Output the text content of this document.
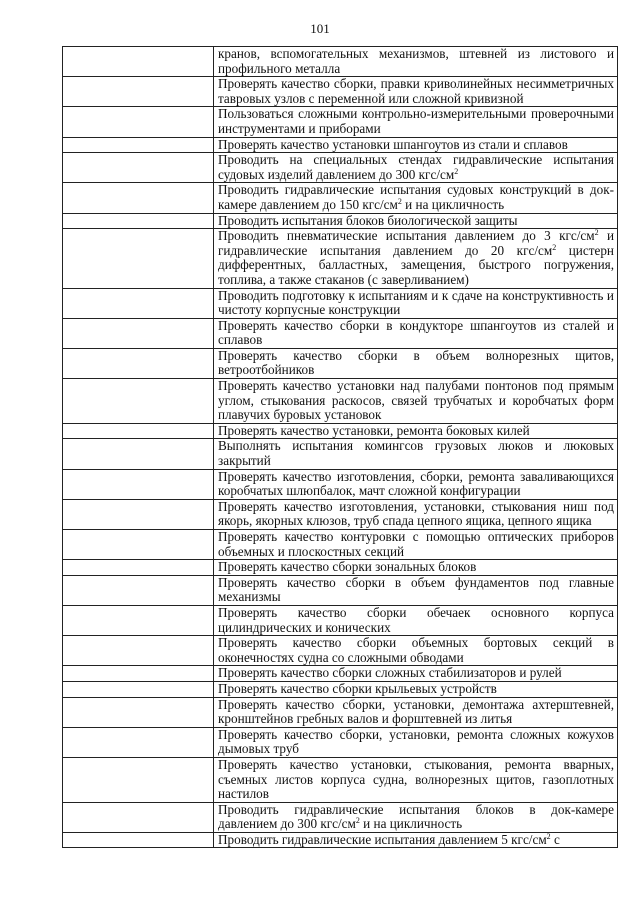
101
	кранов, вспомогательных механизмов, штевней из листового и профильного металла
	Проверять качество сборки, правки криволинейных несимметричных тавровых узлов с переменной или сложной кривизной
	Пользоваться сложными контрольно-измерительными проверочными инструментами и приборами
	Проверять качество установки шпангоутов из стали и сплавов
	Проводить на специальных стендах гидравлические испытания судовых изделий давлением до 300 кгс/$см^2$
	Проводить гидравлические испытания судовых конструкций в док-камере давлением до 150 кгс/$см^2$ и на цикличность
	Проводить испытания блоков биологической защиты
	Проводить пневматические испытания давлением до 3 кгс/$см^2$ и гидравлические испытания давлением до 20 кгс/$см^2$ цистерн дифферентных, балластных, замещения, быстрого погружения, топлива, а также стаканов (с заверливанием)
	Проводить подготовку к испытаниям и к сдаче на конструктивность и чистоту корпусные конструкции
	Проверять качество сборки в кондукторе шпангоутов из сталей и сплавов
	Проверять качество сборки в объем волнорезных щитов, ветроотбойников
	Проверять качество установки над палубами понтонов под прямым углом, стыкования раскосов, связей трубчатых и коробчатых форм плавучих буровых установок
	Проверять качество установки, ремонта боковых килей
	Выполнять испытания комингсов грузовых люков и люковых закрытий
	Проверять качество изготовления, сборки, ремонта заваливающихся коробчатых шлюпбалок, мачт сложной конфигурации
	Проверять качество изготовления, установки, стыкования ниш под якорь, якорных клюзов, труб спада цепного ящика, цепного ящика
	Проверять качество контуровки с помощью оптических приборов объемных и плоскостных секций
	Проверять качество сборки зональных блоков
	Проверять качество сборки в объем фундаментов под главные механизмы
	Проверять качество сборки обечаек основного корпуса цилиндрических и конических
	Проверять качество сборки объемных бортовых секций в оконечностях судна со сложными обводами
	Проверять качество сборки сложных стабилизаторов и рулей
	Проверять качество сборки крыльевых устройств
	Проверять качество сборки, установки, демонтажа ахтерштевней, кронштейнов гребных валов и форштевней из литья
	Проверять качество сборки, установки, ремонта сложных кожухов дымовых труб
	Проверять качество установки, стыкования, ремонта вварных, съемных листов корпуса судна, волнорезных щитов, газоплотных настилов
	Проводить гидравлические испытания блоков в док-камере давлением до 300 кгс/$см^2$ и на цикличность
	Проводить гидравлические испытания давлением 5 кгс/$см^2$ с
